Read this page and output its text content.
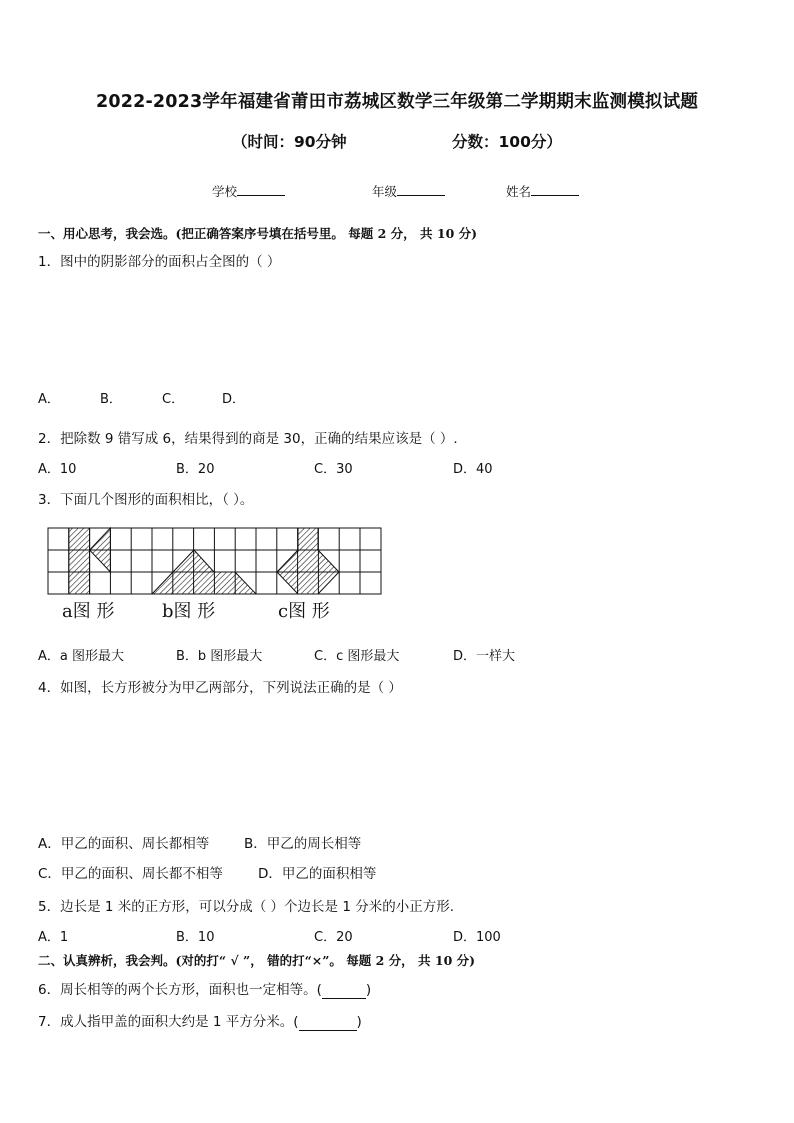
2022-2023学年福建省莆田市荔城区数学三年级第二学期期末监测模拟试题
（时间：90分钟	分数：100分）
学校	年级	姓名
一、用心思考，我会选。(把正确答案序号填在括号里。 每题 2 分， 共 10 分)
1．图中的阴影部分的面积占全图的（ ）
A．	B．	C．	D．
2．把除数 9 错写成 6，结果得到的商是 30，正确的结果应该是（ ）.
A．10	B．20	C．30	D．40
3．下面几个图形的面积相比，（ ）。
a图 形	b图 形	c图 形
A．a 图形最大	B．b 图形最大	C．c 图形最大	D．一样大
4．如图，长方形被分为甲乙两部分，下列说法正确的是（ ）
A．甲乙的面积、周长都相等	B．甲乙的周长相等
C．甲乙的面积、周长都不相等	D．甲乙的面积相等
5．边长是 1 米的正方形，可以分成（ ）个边长是 1 分米的小正方形.
A．1	B．10	C．20	D．100
二、认真辨析，我会判。(对的打“ √ ”， 错的打“×”。 每题 2 分， 共 10 分)
6．周长相等的两个长方形，面积也一定相等。(	)
7．成人指甲盖的面积大约是 1 平方分米。(	)
